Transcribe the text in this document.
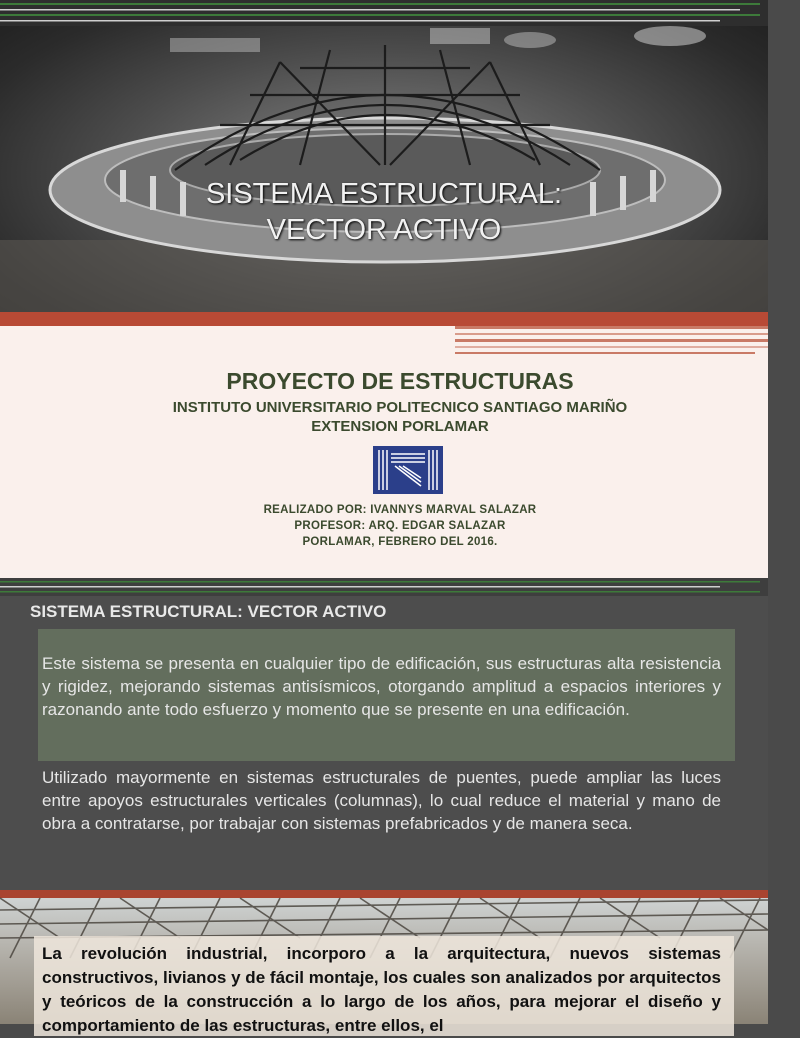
SISTEMA ESTRUCTURAL:
VECTOR ACTIVO
PROYECTO DE ESTRUCTURAS
INSTITUTO UNIVERSITARIO POLITECNICO SANTIAGO MARIÑO
EXTENSION PORLAMAR
REALIZADO POR: IVANNYS MARVAL SALAZAR
PROFESOR: ARQ. EDGAR SALAZAR
PORLAMAR, FEBRERO DEL 2016.
SISTEMA ESTRUCTURAL: VECTOR ACTIVO
Este sistema se presenta en cualquier tipo de edificación, sus estructuras alta resistencia y rigidez, mejorando sistemas antisísmicos, otorgando amplitud a espacios interiores y razonando ante todo esfuerzo y momento que se presente en una edificación.
Utilizado mayormente en sistemas estructurales de puentes, puede ampliar las luces entre apoyos estructurales verticales (columnas), lo cual reduce el material y mano de obra a contratarse, por trabajar con sistemas prefabricados y de manera seca.
La revolución industrial, incorporo a la arquitectura, nuevos sistemas constructivos, livianos y de fácil montaje, los cuales son analizados por arquitectos y teóricos de la construcción a lo largo de los años, para mejorar el diseño y comportamiento de las estructuras, entre ellos, el
